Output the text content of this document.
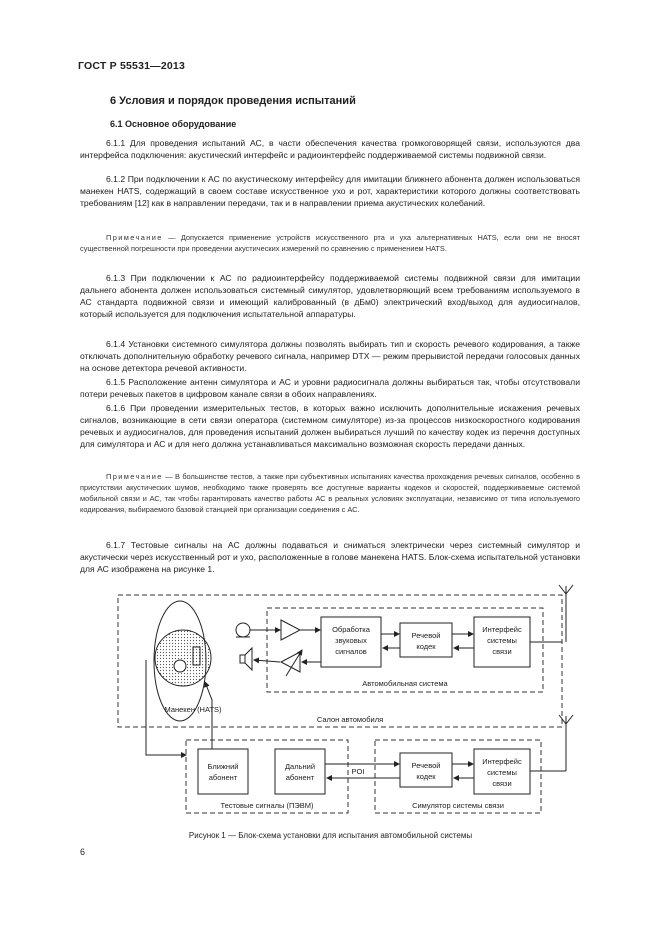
ГОСТ Р 55531—2013
6 Условия и порядок проведения испытаний
6.1 Основное оборудование
6.1.1 Для проведения испытаний АС, в части обеспечения качества громкоговорящей связи, используются два интерфейса подключения: акустический интерфейс и радиоинтерфейс поддерживаемой системы подвижной связи.
6.1.2 При подключении к АС по акустическому интерфейсу для имитации ближнего абонента должен использоваться манекен HATS, содержащий в своем составе искусственное ухо и рот, характеристики которого должны соответствовать требованиям [12] как в направлении передачи, так и в направлении приема акустических колебаний.
Примечание — Допускается применение устройств искусственного рта и уха альтернативных HATS, если они не вносят существенной погрешности при проведении акустических измерений по сравнению с применением HATS.
6.1.3 При подключении к АС по радиоинтерфейсу поддерживаемой системы подвижной связи для имитации дальнего абонента должен использоваться системный симулятор, удовлетворяющий всем требованиям используемого в АС стандарта подвижной связи и имеющий калиброванный (в дБм0) электрический вход/выход для аудиосигналов, который используется для подключения испытательной аппаратуры.
6.1.4 Установки системного симулятора должны позволять выбирать тип и скорость речевого кодирования, а также отключать дополнительную обработку речевого сигнала, например DTX — режим прерывистой передачи голосовых данных на основе детектора речевой активности.
6.1.5 Расположение антенн симулятора и АС и уровни радиосигнала должны выбираться так, чтобы отсутствовали потери речевых пакетов в цифровом канале связи в обоих направлениях.
6.1.6 При проведении измерительных тестов, в которых важно исключить дополнительные искажения речевых сигналов, возникающие в сети связи оператора (системном симуляторе) из-за процессов низкоскоростного кодирования речевых и аудиосигналов, для проведения испытаний должен выбираться лучший по качеству кодек из перечня доступных для симулятора и АС и для него должна устанавливаться максимально возможная скорость передачи данных.
Примечание — В большинстве тестов, а также при субъективных испытаниях качества прохождения речевых сигналов, особенно в присутствии акустических шумов, необходимо также проверять все доступные варианты кодеков и скоростей, поддерживаемые системой мобильной связи и АС, так чтобы гарантировать качество работы АС в реальных условиях эксплуатации, независимо от типа используемого кодирования, выбираемого базовой станцией при организации соединения с АС.
6.1.7 Тестовые сигналы на АС должны подаваться и сниматься электрически через системный симулятор и акустически через искусственный рот и ухо, расположенные в голове манекена HATS. Блок-схема испытательной установки для АС изображена на рисунке 1.
Обработка
звуковых
сигналов
Речевой
кодек
Интерфейс
системы
связи
Автомобильная система
Манекен (HATS)
Салон автомобиля
Ближний
абонент
Дальний
абонент
Тестовые сигналы (ПЭВМ)
Речевой
кодек
Интерфейс
системы
связи
Симулятор системы связи
POI
Рисунок 1 — Блок-схема установки для испытания автомобильной системы
6
